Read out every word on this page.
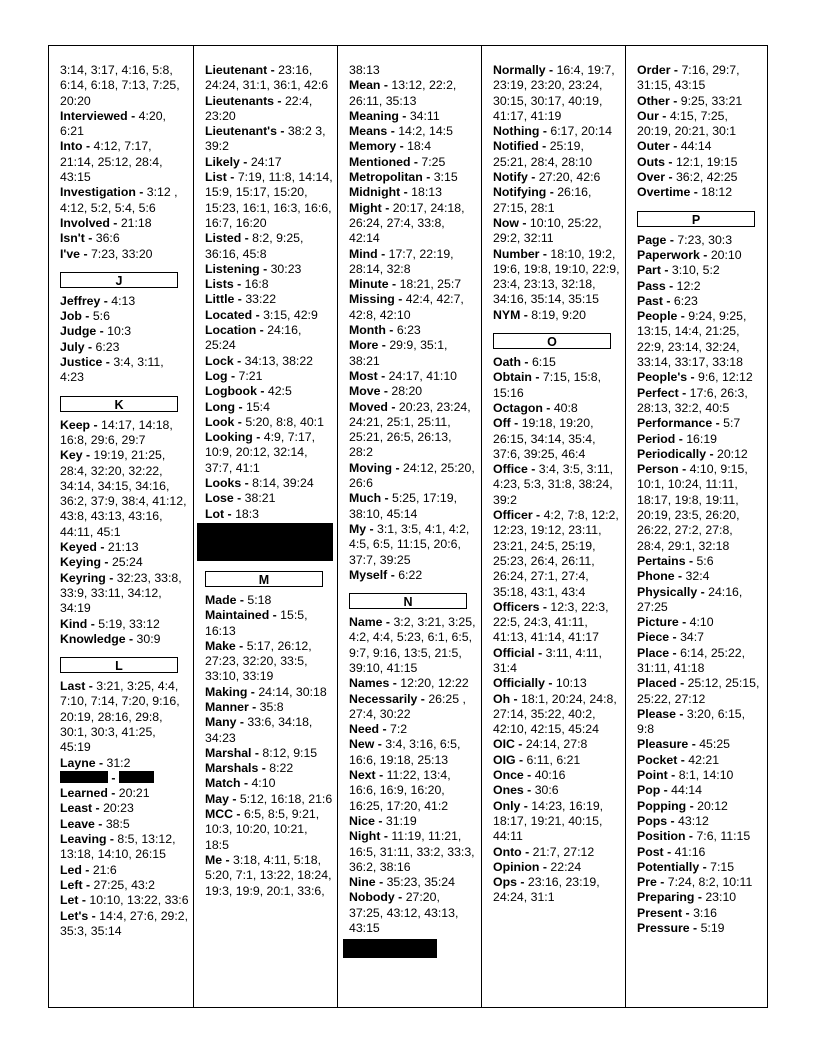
3:14, 3:17, 4:16, 5:8, 6:14, 6:18, 7:13, 7:25, 20:20
Interviewed - 4:20, 6:21
Into - 4:12, 7:17, 21:14, 25:12, 28:4, 43:15
Investigation - 3:12 , 4:12, 5:2, 5:4, 5:6
Involved - 21:18
Isn't - 36:6
I've - 7:23, 33:20
J
Jeffrey - 4:13
Job - 5:6
Judge - 10:3
July - 6:23
Justice - 3:4, 3:11, 4:23
K
Keep - 14:17, 14:18, 16:8, 29:6, 29:7
Key - 19:19, 21:25, 28:4, 32:20, 32:22, 34:14, 34:15, 34:16, 36:2, 37:9, 38:4, 41:12, 43:8, 43:13, 43:16, 44:11, 45:1
Keyed - 21:13
Keying - 25:24
Keyring - 32:23, 33:8, 33:9, 33:11, 34:12, 34:19
Kind - 5:19, 33:12
Knowledge - 30:9
L
Last - 3:21, 3:25, 4:4, 7:10, 7:14, 7:20, 9:16, 20:19, 28:16, 29:8, 30:1, 30:3, 41:25, 45:19
Layne - 31:2
-
Learned - 20:21
Least - 20:23
Leave - 38:5
Leaving - 8:5, 13:12, 13:18, 14:10, 26:15
Led - 21:6
Left - 27:25, 43:2
Let - 10:10, 13:22, 33:6
Let's - 14:4, 27:6, 29:2, 35:3, 35:14
Lieutenant - 23:16, 24:24, 31:1, 36:1, 42:6
Lieutenants - 22:4, 23:20
Lieutenant's - 38:2 3, 39:2
Likely - 24:17
List - 7:19, 11:8, 14:14, 15:9, 15:17, 15:20, 15:23, 16:1, 16:3, 16:6, 16:7, 16:20
Listed - 8:2, 9:25, 36:16, 45:8
Listening - 30:23
Lists - 16:8
Little - 33:22
Located - 3:15, 42:9
Location - 24:16, 25:24
Lock - 34:13, 38:22
Log - 7:21
Logbook - 42:5
Long - 15:4
Look - 5:20, 8:8, 40:1
Looking - 4:9, 7:17, 10:9, 20:12, 32:14, 37:7, 41:1
Looks - 8:14, 39:24
Lose - 38:21
Lot - 18:3
M
Made - 5:18
Maintained - 15:5, 16:13
Make - 5:17, 26:12, 27:23, 32:20, 33:5, 33:10, 33:19
Making - 24:14, 30:18
Manner - 35:8
Many - 33:6, 34:18, 34:23
Marshal - 8:12, 9:15
Marshals - 8:22
Match - 4:10
May - 5:12, 16:18, 21:6
MCC - 6:5, 8:5, 9:21, 10:3, 10:20, 10:21, 18:5
Me - 3:18, 4:11, 5:18, 5:20, 7:1, 13:22, 18:24, 19:3, 19:9, 20:1, 33:6,
38:13
Mean - 13:12, 22:2, 26:11, 35:13
Meaning - 34:11
Means - 14:2, 14:5
Memory - 18:4
Mentioned - 7:25
Metropolitan - 3:15
Midnight - 18:13
Might - 20:17, 24:18, 26:24, 27:4, 33:8, 42:14
Mind - 17:7, 22:19, 28:14, 32:8
Minute - 18:21, 25:7
Missing - 42:4, 42:7, 42:8, 42:10
Month - 6:23
More - 29:9, 35:1, 38:21
Most - 24:17, 41:10
Move - 28:20
Moved - 20:23, 23:24, 24:21, 25:1, 25:11, 25:21, 26:5, 26:13, 28:2
Moving - 24:12, 25:20, 26:6
Much - 5:25, 17:19, 38:10, 45:14
My - 3:1, 3:5, 4:1, 4:2, 4:5, 6:5, 11:15, 20:6, 37:7, 39:25
Myself - 6:22
N
Name - 3:2, 3:21, 3:25, 4:2, 4:4, 5:23, 6:1, 6:5, 9:7, 9:16, 13:5, 21:5, 39:10, 41:15
Names - 12:20, 12:22
Necessarily - 26:25 , 27:4, 30:22
Need - 7:2
New - 3:4, 3:16, 6:5, 16:6, 19:18, 25:13
Next - 11:22, 13:4, 16:6, 16:9, 16:20, 16:25, 17:20, 41:2
Nice - 31:19
Night - 11:19, 11:21, 16:5, 31:11, 33:2, 33:3, 36:2, 38:16
Nine - 35:23, 35:24
Nobody - 27:20, 37:25, 43:12, 43:13, 43:15
Normally - 16:4, 19:7, 23:19, 23:20, 23:24, 30:15, 30:17, 40:19, 41:17, 41:19
Nothing - 6:17, 20:14
Notified - 25:19, 25:21, 28:4, 28:10
Notify - 27:20, 42:6
Notifying - 26:16, 27:15, 28:1
Now - 10:10, 25:22, 29:2, 32:11
Number - 18:10, 19:2, 19:6, 19:8, 19:10, 22:9, 23:4, 23:13, 32:18, 34:16, 35:14, 35:15
NYM - 8:19, 9:20
O
Oath - 6:15
Obtain - 7:15, 15:8, 15:16
Octagon - 40:8
Off - 19:18, 19:20, 26:15, 34:14, 35:4, 37:6, 39:25, 46:4
Office - 3:4, 3:5, 3:11, 4:23, 5:3, 31:8, 38:24, 39:2
Officer - 4:2, 7:8, 12:2, 12:23, 19:12, 23:11, 23:21, 24:5, 25:19, 25:23, 26:4, 26:11, 26:24, 27:1, 27:4, 35:18, 43:1, 43:4
Officers - 12:3, 22:3, 22:5, 24:3, 41:11, 41:13, 41:14, 41:17
Official - 3:11, 4:11, 31:4
Officially - 10:13
Oh - 18:1, 20:24, 24:8, 27:14, 35:22, 40:2, 42:10, 42:15, 45:24
OIC - 24:14, 27:8
OIG - 6:11, 6:21
Once - 40:16
Ones - 30:6
Only - 14:23, 16:19, 18:17, 19:21, 40:15, 44:11
Onto - 21:7, 27:12
Opinion - 22:24
Ops - 23:16, 23:19, 24:24, 31:1
Order - 7:16, 29:7, 31:15, 43:15
Other - 9:25, 33:21
Our - 4:15, 7:25, 20:19, 20:21, 30:1
Outer - 44:14
Outs - 12:1, 19:15
Over - 36:2, 42:25
Overtime - 18:12
P
Page - 7:23, 30:3
Paperwork - 20:10
Part - 3:10, 5:2
Pass - 12:2
Past - 6:23
People - 9:24, 9:25, 13:15, 14:4, 21:25, 22:9, 23:14, 32:24, 33:14, 33:17, 33:18
People's - 9:6, 12:12
Perfect - 17:6, 26:3, 28:13, 32:2, 40:5
Performance - 5:7
Period - 16:19
Periodically - 20:12
Person - 4:10, 9:15, 10:1, 10:24, 11:11, 18:17, 19:8, 19:11, 20:19, 23:5, 26:20, 26:22, 27:2, 27:8, 28:4, 29:1, 32:18
Pertains - 5:6
Phone - 32:4
Physically - 24:16, 27:25
Picture - 4:10
Piece - 34:7
Place - 6:14, 25:22, 31:11, 41:18
Placed - 25:12, 25:15, 25:22, 27:12
Please - 3:20, 6:15, 9:8
Pleasure - 45:25
Pocket - 42:21
Point - 8:1, 14:10
Pop - 44:14
Popping - 20:12
Pops - 43:12
Position - 7:6, 11:15
Post - 41:16
Potentially - 7:15
Pre - 7:24, 8:2, 10:11
Preparing - 23:10
Present - 3:16
Pressure - 5:19
